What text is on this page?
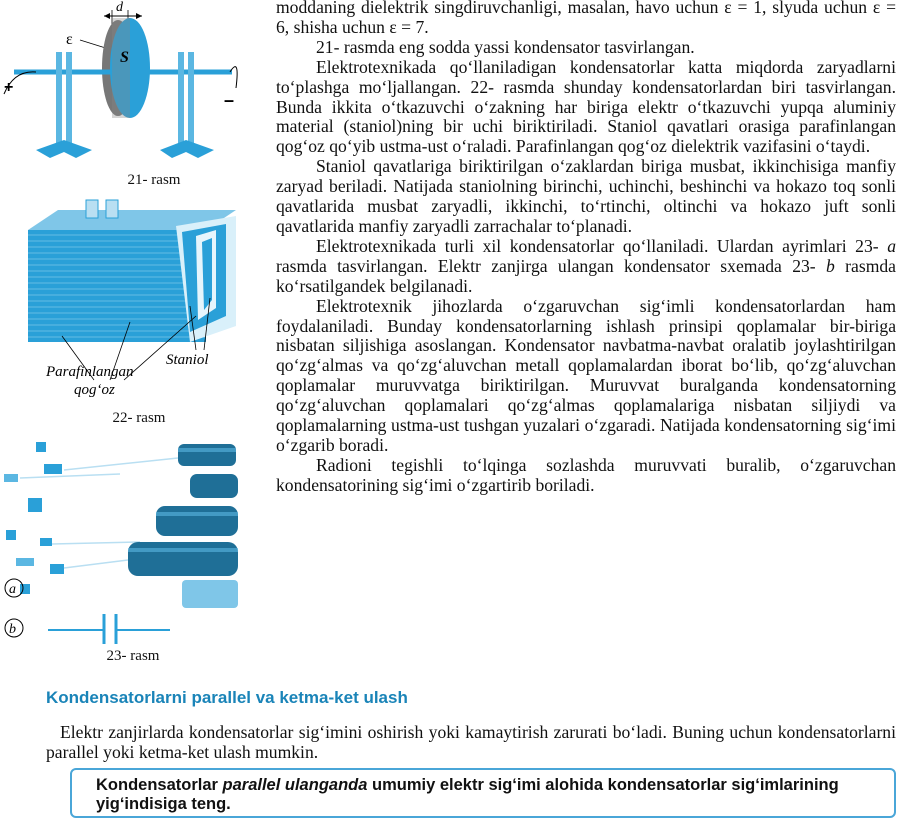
d
ε
S
+
–
21- rasm
Staniol
Parafinlangan
qog‘oz
22- rasm
a
b
23- rasm

moddaning dielektrik singdiruvchanligi, masalan, havo uchun ε = 1, slyuda uchun ε = 6, shisha uchun ε = 7.

21- rasmda eng sodda yassi kondensator tasvirlangan.

Elektrotexnikada qo‘llaniladigan kondensatorlar katta miqdorda zaryadlarni to‘plashga mo‘ljallangan. 22- rasmda shunday kondensatorlardan biri tasvirlangan. Bunda ikkita o‘tkazuvchi o‘zakning har biriga elektr o‘tkazuvchi yupqa aluminiy material (staniol)ning bir uchi biriktiriladi. Staniol qavatlari orasiga parafinlangan qog‘oz qo‘yib ustma-ust o‘raladi. Parafinlangan qog‘oz dielektrik vazifasini o‘taydi.

Staniol qavatlariga biriktirilgan o‘zaklardan biriga musbat, ikkinchisiga manfiy zaryad beriladi. Natijada staniolning birinchi, uchinchi, beshinchi va hokazo toq sonli qavatlarida musbat zaryadli, ikkinchi, to‘rtinchi, oltinchi va hokazo juft sonli qavatlarida manfiy zaryadli zarrachalar to‘planadi.

Elektrotexnikada turli xil kondensatorlar qo‘llaniladi. Ulardan ayrimlari 23- a rasmda tasvirlangan. Elektr zanjirga ulangan kondensator sxemada 23- b rasmda ko‘rsatilgandek belgilanadi.

Elektrotexnik jihozlarda o‘zgaruvchan sig‘imli kondensatorlardan ham foydalaniladi. Bunday kondensatorlarning ishlash prinsipi qoplamalar bir-biriga nisbatan siljishiga asoslangan. Kondensator navbatma-navbat oralatib joylashtirilgan qo‘zg‘almas va qo‘zg‘aluvchan metall qoplamalardan iborat bo‘lib, qo‘zg‘aluvchan qoplamalar muruvvatga biriktirilgan. Muruvvat buralganda kondensatorning qo‘zg‘aluvchan qoplamalari qo‘zg‘almas qoplamalariga nisbatan siljiydi va qoplamalarning ustma-ust tushgan yuzalari o‘zgaradi. Natijada kondensatorning sig‘imi o‘zgarib boradi.

Radioni tegishli to‘lqinga sozlashda muruvvati buralib, o‘zgaruvchan kondensatorining sig‘imi o‘zgartirib boriladi.

Kondensatorlarni parallel va ketma-ket ulash

Elektr zanjirlarda kondensatorlar sig‘imini oshirish yoki kamaytirish zarurati bo‘ladi. Buning uchun kondensatorlarni parallel yoki ketma-ket ulash mumkin.

Kondensatorlar parallel ulanganda umumiy elektr sig‘imi alohida kondensatorlar sig‘imlarining yig‘indisiga teng.
